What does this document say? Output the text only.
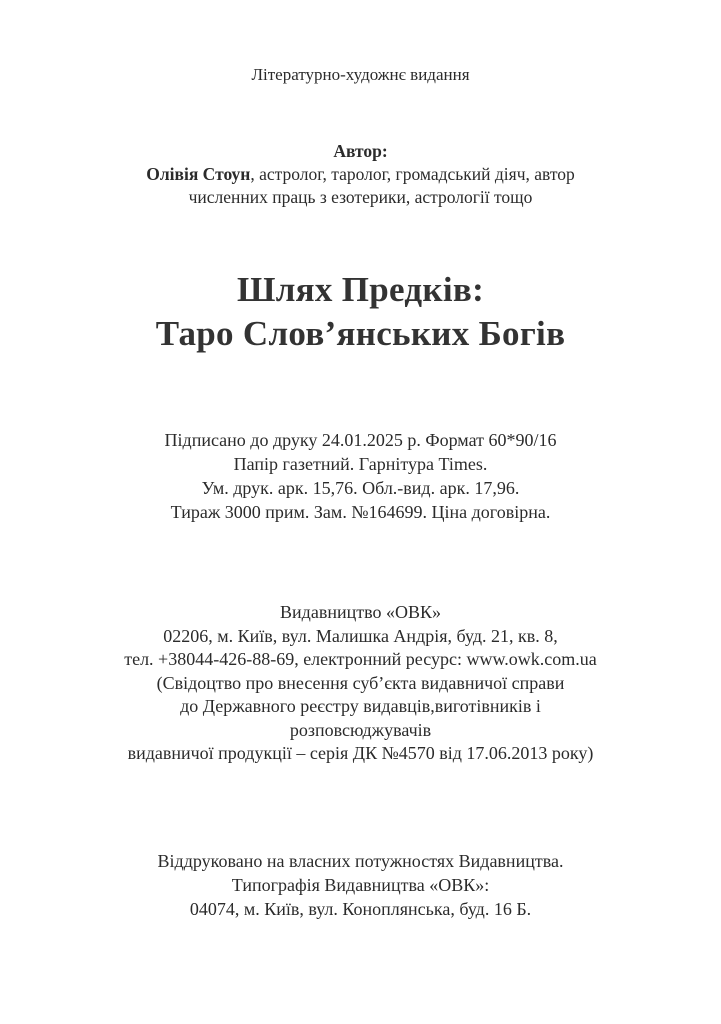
Літературно-художнє видання
Автор:
Олівія Стоун, астролог, таролог, громадський діяч, автор
численних праць з езотерики, астрології тощо
Шлях Предків:
Таро Слов’янських Богів
Підписано до друку 24.01.2025 р. Формат 60*90/16
Папір газетний. Гарнітура Times.
Ум. друк. арк. 15,76. Обл.-вид. арк. 17,96.
Тираж 3000 прим. Зам. №164699. Ціна договірна.
Видавництво «ОВК»
02206, м. Київ, вул. Малишка Андрія, буд. 21, кв. 8,
тел. +38044-426-88-69, електронний ресурс: www.owk.com.ua
(Свідоцтво про внесення суб’єкта видавничої справи
до Державного реєстру видавців,виготівників і
розповсюджувачів
видавничої продукції – серія ДК №4570 від 17.06.2013 року)
Віддруковано на власних потужностях Видавництва.
Типографія Видавництва «ОВК»:
04074, м. Київ, вул. Коноплянська, буд. 16 Б.
